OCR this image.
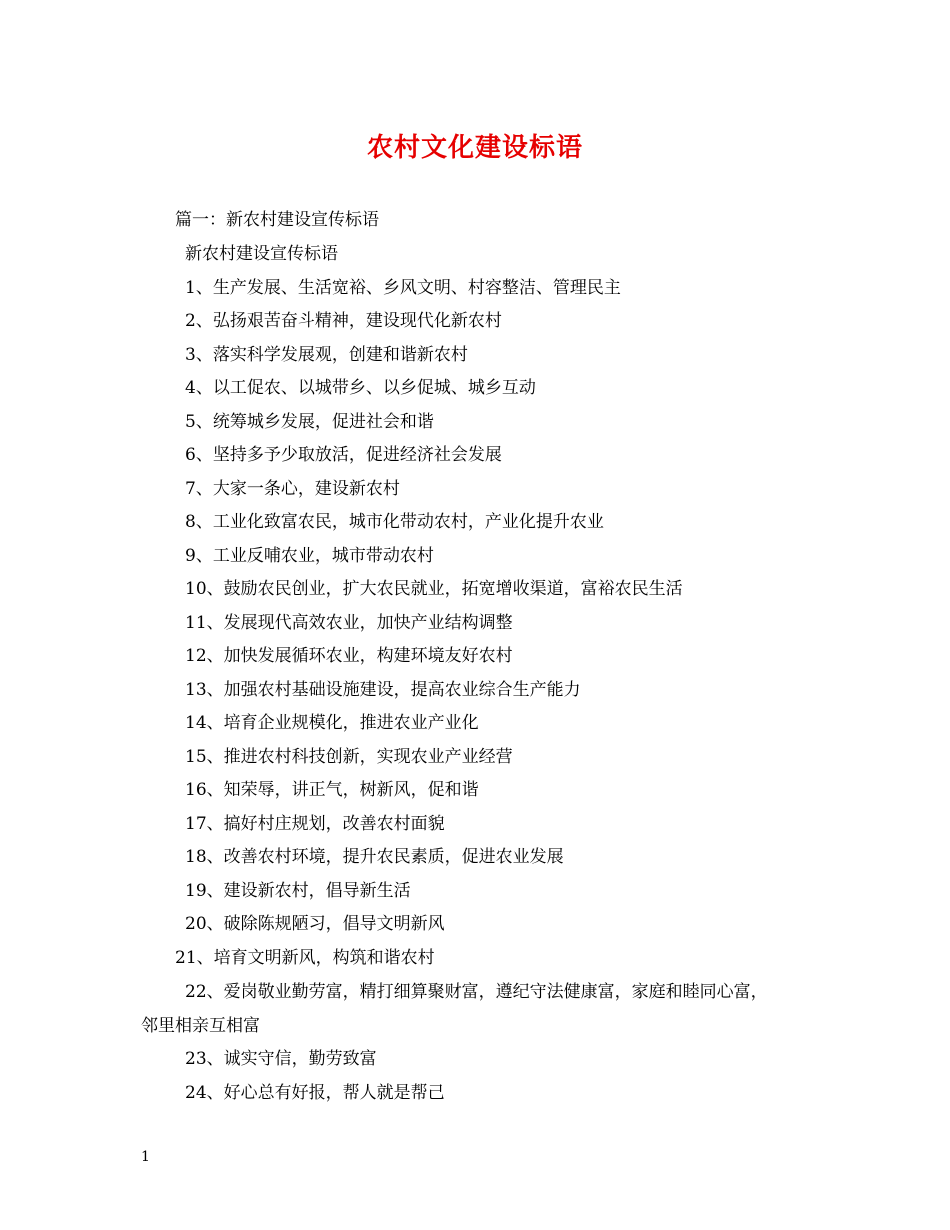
农村文化建设标语
篇一：新农村建设宣传标语
新农村建设宣传标语
1、生产发展、生活宽裕、乡风文明、村容整洁、管理民主
2、弘扬艰苦奋斗精神，建设现代化新农村
3、落实科学发展观，创建和谐新农村
4、以工促农、以城带乡、以乡促城、城乡互动
5、统筹城乡发展，促进社会和谐
6、坚持多予少取放活，促进经济社会发展
7、大家一条心，建设新农村
8、工业化致富农民，城市化带动农村，产业化提升农业
9、工业反哺农业，城市带动农村
10、鼓励农民创业，扩大农民就业，拓宽增收渠道，富裕农民生活
11、发展现代高效农业，加快产业结构调整
12、加快发展循环农业，构建环境友好农村
13、加强农村基础设施建设，提高农业综合生产能力
14、培育企业规模化，推进农业产业化
15、推进农村科技创新，实现农业产业经营
16、知荣辱，讲正气，树新风，促和谐
17、搞好村庄规划，改善农村面貌
18、改善农村环境，提升农民素质，促进农业发展
19、建设新农村，倡导新生活
20、破除陈规陋习，倡导文明新风
21、培育文明新风，构筑和谐农村
22、爱岗敬业勤劳富，精打细算聚财富，遵纪守法健康富，家庭和睦同心富，
邻里相亲互相富
23、诚实守信，勤劳致富
24、好心总有好报，帮人就是帮己
1
